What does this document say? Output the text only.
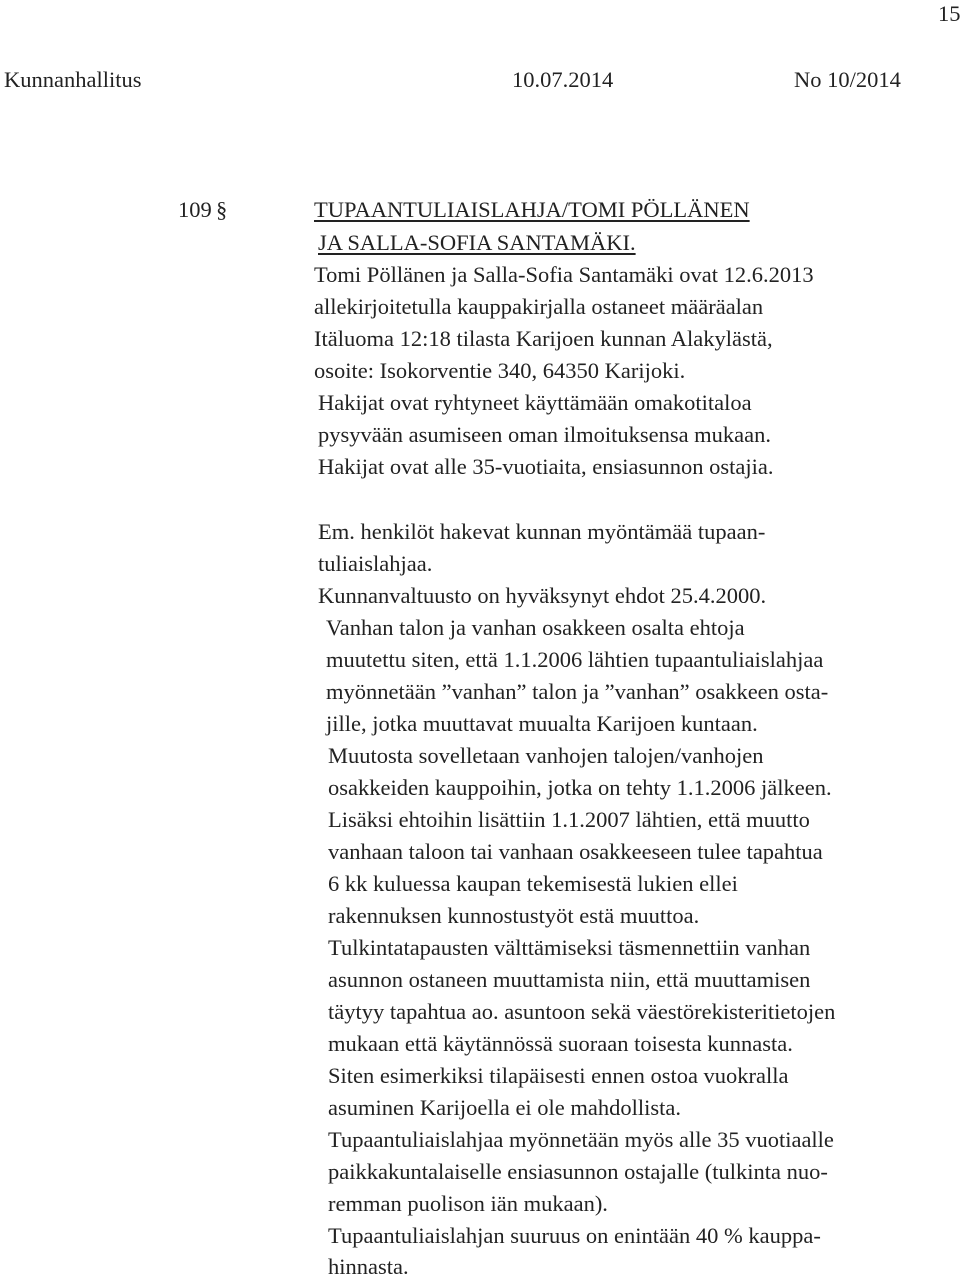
15
Kunnanhallitus	10.07.2014	No 10/2014
109 §	TUPAANTULIAISLAHJA/TOMI PÖLLÄNEN
JA SALLA-SOFIA SANTAMÄKI.
Tomi Pöllänen ja Salla-Sofia Santamäki ovat 12.6.2013
allekirjoitetulla kauppakirjalla ostaneet määräalan
Itäluoma 12:18 tilasta Karijoen kunnan Alakylästä,
osoite: Isokorventie 340, 64350 Karijoki.
Hakijat ovat ryhtyneet käyttämään omakotitaloa
pysyvään asumiseen oman ilmoituksensa mukaan.
Hakijat ovat alle 35-vuotiaita, ensiasunnon ostajia.
Em. henkilöt hakevat kunnan myöntämää tupaan-
tuliaislahjaa.
Kunnanvaltuusto on hyväksynyt ehdot 25.4.2000.
Vanhan talon ja vanhan osakkeen osalta ehtoja
muutettu siten, että 1.1.2006 lähtien tupaantuliaislahjaa
myönnetään ”vanhan” talon ja ”vanhan” osakkeen osta-
jille, jotka muuttavat muualta Karijoen kuntaan.
Muutosta sovelletaan vanhojen talojen/vanhojen
osakkeiden kauppoihin, jotka on tehty 1.1.2006 jälkeen.
Lisäksi ehtoihin lisättiin 1.1.2007 lähtien, että muutto
vanhaan taloon tai vanhaan osakkeeseen tulee tapahtua
6 kk kuluessa kaupan tekemisestä lukien ellei
rakennuksen kunnostustyöt estä muuttoa.
Tulkintatapausten välttämiseksi täsmennettiin vanhan
asunnon ostaneen muuttamista niin, että muuttamisen
täytyy tapahtua ao. asuntoon sekä väestörekisteritietojen
mukaan että käytännössä suoraan toisesta kunnasta.
Siten esimerkiksi tilapäisesti ennen ostoa vuokralla
asuminen Karijoella ei ole mahdollista.
Tupaantuliaislahjaa myönnetään myös alle 35 vuotiaalle
paikkakuntalaiselle ensiasunnon ostajalle (tulkinta nuo-
remman puolison iän mukaan).
Tupaantuliaislahjan suuruus on enintään 40 % kauppa-
hinnasta.
